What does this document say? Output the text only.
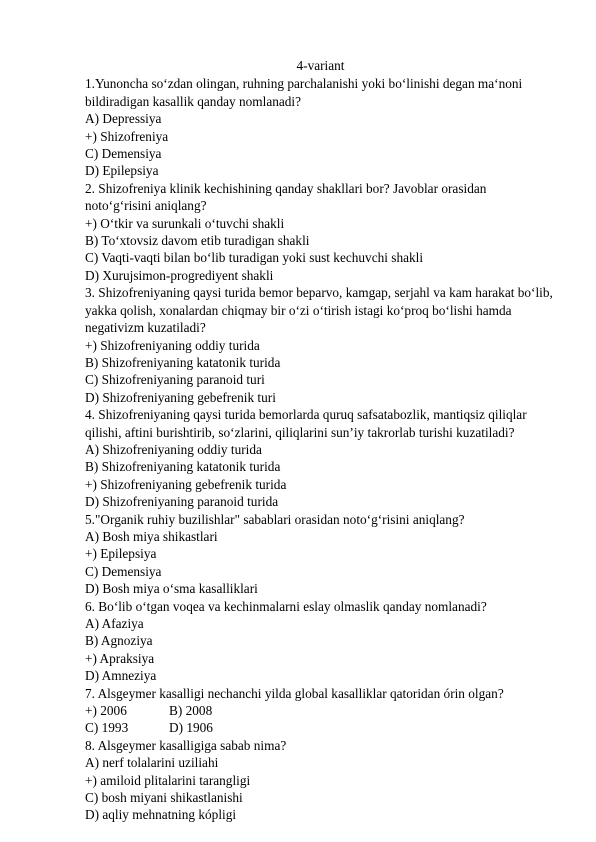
4-variant
1.Yunoncha so‘zdan olingan, ruhning parchalanishi yoki bo‘linishi degan ma‘noni bildiradigan kasallik qanday nomlanadi?
A) Depressiya
+) Shizofreniya
C) Demensiya
D) Epilepsiya
2. Shizofreniya klinik kechishining qanday shakllari bor? Javoblar orasidan noto‘g‘risini aniqlang?
+) O‘tkir va surunkali o‘tuvchi shakli
B) To‘xtovsiz davom etib turadigan shakli
C) Vaqti-vaqti bilan bo‘lib turadigan yoki sust kechuvchi shakli
D) Xurujsimon-progrediyent shakli
3. Shizofreniyaning qaysi turida bemor beparvo, kamgap, serjahl va kam harakat bo‘lib, yakka qolish, xonalardan chiqmay bir o‘zi o‘tirish istagi ko‘proq bo‘lishi hamda negativizm kuzatiladi?
+) Shizofreniyaning oddiy turida
B) Shizofreniyaning katatonik turida
C) Shizofreniyaning paranoid turi
D) Shizofreniyaning gebefrenik turi
4. Shizofreniyaning qaysi turida bemorlarda quruq safsatabozlik, mantiqsiz qiliqlar qilishi, aftini burishtirib, so‘zlarini, qiliqlarini sun’iy takrorlab turishi kuzatiladi?
A) Shizofreniyaning oddiy turida
B) Shizofreniyaning katatonik turida
+) Shizofreniyaning gebefrenik turida
D) Shizofreniyaning paranoid turida
5."Organik ruhiy buzilishlar" sabablari orasidan noto‘g‘risini aniqlang?
A) Bosh miya shikastlari
+) Epilepsiya
C) Demensiya
D) Bosh miya o‘sma kasalliklari
6. Bo‘lib o‘tgan voqea va kechinmalarni eslay olmaslik qanday nomlanadi?
A) Afaziya
B) Agnoziya
+) Apraksiya
D) Amneziya
7. Alsgeymer kasalligi nechanchi yilda global kasalliklar qatoridan órin olgan?
+) 2006	B) 2008
C) 1993	D) 1906
8. Alsgeymer kasalligiga sabab nima?
A) nerf tolalarini uziliahi
+) amiloid plitalarini tarangligi
C) bosh miyani shikastlanishi
D) aqliy mehnatning kópligi
